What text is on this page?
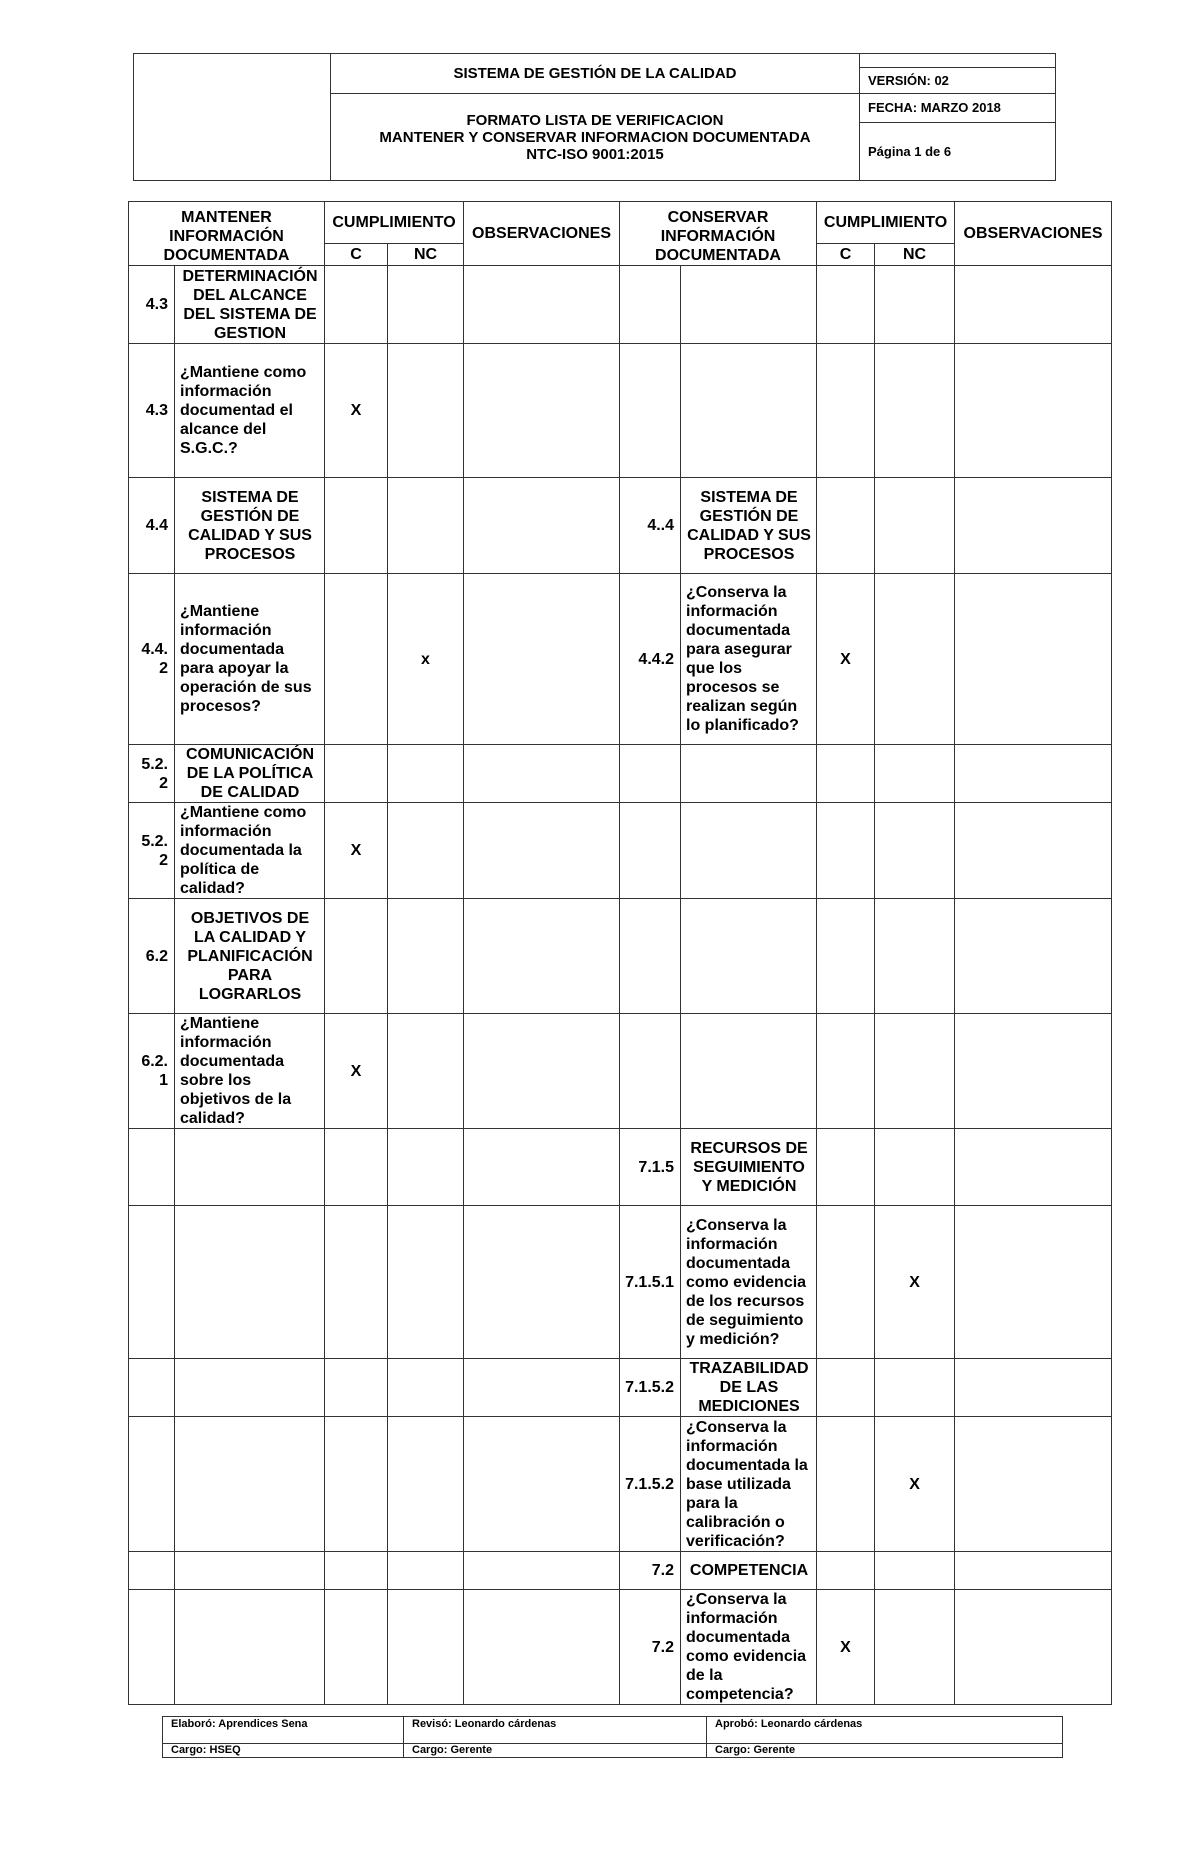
	SISTEMA DE GESTIÓN DE LA CALIDAD	
		VERSIÓN: 02

	FORMATO LISTA DE VERIFICACION
MANTENER Y CONSERVAR INFORMACION DOCUMENTADA
NTC-ISO 9001:2015	FECHA: MARZO 2018
		Página 1 de 6
MANTENER INFORMACIÓN DOCUMENTADA		CUMPLIMIENTO		OBSERVACIONES	CONSERVAR INFORMACIÓN DOCUMENTADA		CUMPLIMIENTO		OBSERVACIONES
		C	NC				C	NC	
4.3	DETERMINACIÓN DEL ALCANCE DEL SISTEMA DE GESTION								
4.3	¿Mantiene como información documentad el alcance del S.G.C.?	X							
4.4	SISTEMA DE GESTIÓN DE CALIDAD Y SUS PROCESOS				4..4	SISTEMA DE GESTIÓN DE CALIDAD Y SUS PROCESOS			
4.4. 2	¿Mantiene información documentada para apoyar la operación de sus procesos?		x		4.4.2	¿Conserva la información documentada para asegurar que los procesos se realizan según lo planificado?	X		
5.2. 2	COMUNICACIÓN DE LA POLÍTICA DE CALIDAD								
5.2. 2	¿Mantiene como información documentada la política de calidad?	X							
6.2	OBJETIVOS DE LA CALIDAD Y PLANIFICACIÓN PARA LOGRARLOS								
6.2. 1	¿Mantiene información documentada sobre los objetivos de la calidad?	X							
					7.1.5	RECURSOS DE SEGUIMIENTO Y MEDICIÓN			
					7.1.5.1	¿Conserva la información documentada como evidencia de los recursos de seguimiento y medición?		X	
					7.1.5.2	TRAZABILIDAD DE LAS MEDICIONES			
					7.1.5.2	¿Conserva la información documentada la base utilizada para la calibración o verificación?		X	
					7.2	COMPETENCIA			
					7.2	¿Conserva la información documentada como evidencia de la competencia?	X		
Elaboró: Aprendices Sena	Revisó: Leonardo cárdenas	Aprobó: Leonardo cárdenas
Cargo: HSEQ	Cargo: Gerente	Cargo: Gerente
